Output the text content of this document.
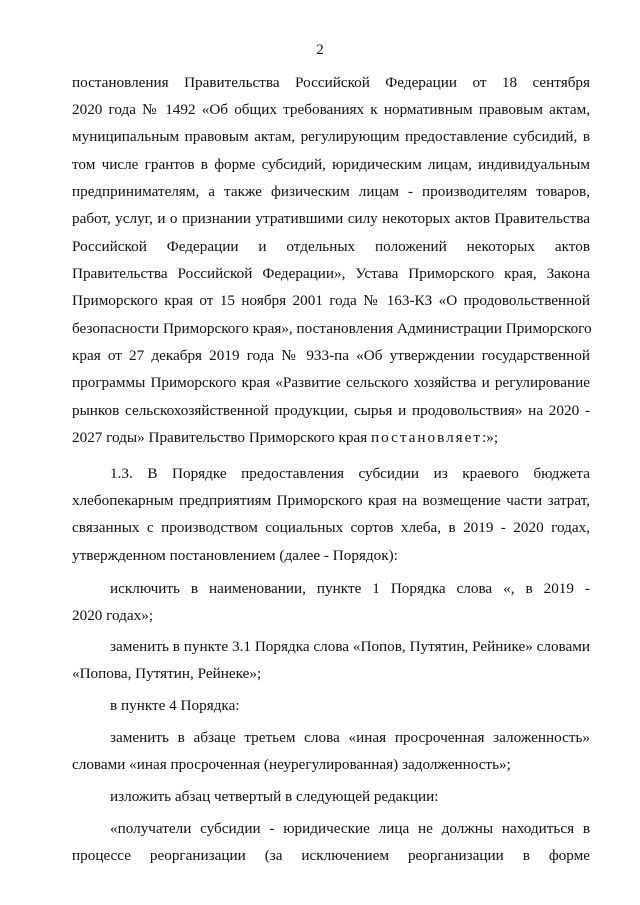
2
постановления Правительства Российской Федерации от 18 сентября
2020 года № 1492 «Об общих требованиях к нормативным правовым актам,
муниципальным правовым актам, регулирующим предоставление субсидий, в
том числе грантов в форме субсидий, юридическим лицам, индивидуальным
предпринимателям, а также физическим лицам - производителям товаров,
работ, услуг, и о признании утратившими силу некоторых актов Правительства
Российской Федерации и отдельных положений некоторых актов
Правительства Российской Федерации», Устава Приморского края, Закона
Приморского края от 15 ноября 2001 года № 163-КЗ «О продовольственной
безопасности Приморского края», постановления Администрации Приморского
края от 27 декабря 2019 года № 933-па «Об утверждении государственной
программы Приморского края «Развитие сельского хозяйства и регулирование
рынков сельскохозяйственной продукции, сырья и продовольствия» на 2020 -
2027 годы» Правительство Приморского края постановляет:»;
1.3. В Порядке предоставления субсидии из краевого бюджета
хлебопекарным предприятиям Приморского края на возмещение части затрат,
связанных с производством социальных сортов хлеба, в 2019 - 2020 годах,
утвержденном постановлением (далее - Порядок):
исключить в наименовании, пункте 1 Порядка слова «, в 2019 -
2020 годах»;
заменить в пункте 3.1 Порядка слова «Попов, Путятин, Рейнике» словами
«Попова, Путятин, Рейнеке»;
в пункте 4 Порядка:
заменить в абзаце третьем слова «иная просроченная заложенность»
словами «иная просроченная (неурегулированная) задолженность»;
изложить абзац четвертый в следующей редакции:
«получатели субсидии - юридические лица не должны находиться в
процессе реорганизации (за исключением реорганизации в форме
